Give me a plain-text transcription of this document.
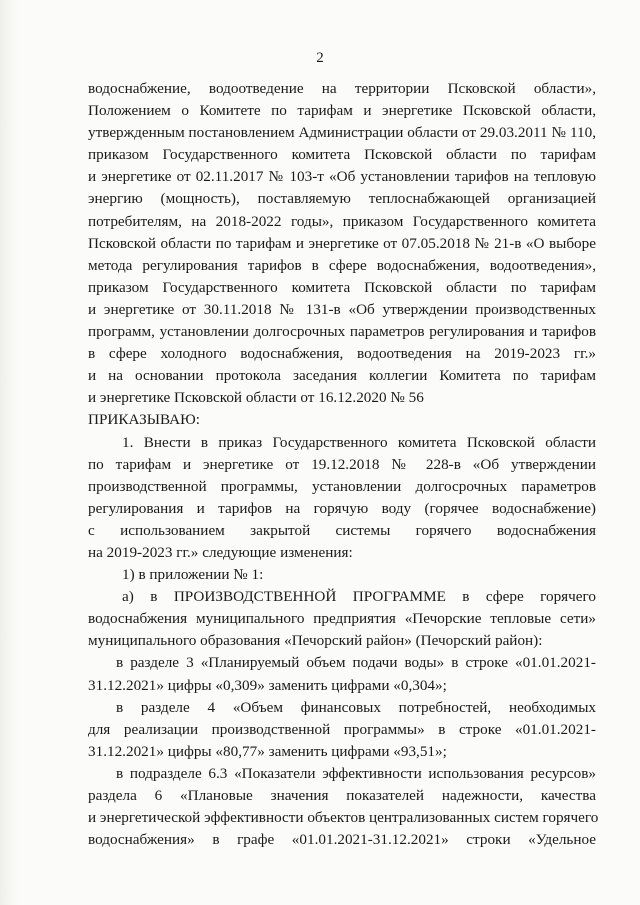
2
водоснабжение, водоотведение на территории Псковской области»,
Положением о Комитете по тарифам и энергетике Псковской области,
утвержденным постановлением Администрации области от 29.03.2011 № 110,
приказом Государственного комитета Псковской области по тарифам
и энергетике от 02.11.2017 № 103-т «Об установлении тарифов на тепловую
энергию (мощность), поставляемую теплоснабжающей организацией
потребителям, на 2018-2022 годы», приказом Государственного комитета
Псковской области по тарифам и энергетике от 07.05.2018 № 21-в «О выборе
метода регулирования тарифов в сфере водоснабжения, водоотведения»,
приказом Государственного комитета Псковской области по тарифам
и энергетике от 30.11.2018 № 131-в «Об утверждении производственных
программ, установлении долгосрочных параметров регулирования и тарифов
в сфере холодного водоснабжения, водоотведения на 2019-2023 гг.»
и на основании протокола заседания коллегии Комитета по тарифам
и энергетике Псковской области от 16.12.2020 № 56
ПРИКАЗЫВАЮ:
1. Внести в приказ Государственного комитета Псковской области
по тарифам и энергетике от 19.12.2018 № 228-в «Об утверждении
производственной программы, установлении долгосрочных параметров
регулирования и тарифов на горячую воду (горячее водоснабжение)
с использованием закрытой системы горячего водоснабжения
на 2019-2023 гг.» следующие изменения:
1) в приложении № 1:
а) в ПРОИЗВОДСТВЕННОЙ ПРОГРАММЕ в сфере горячего
водоснабжения муниципального предприятия «Печорские тепловые сети»
муниципального образования «Печорский район» (Печорский район):
в разделе 3 «Планируемый объем подачи воды» в строке «01.01.2021-
31.12.2021» цифры «0,309» заменить цифрами «0,304»;
в разделе 4 «Объем финансовых потребностей, необходимых
для реализации производственной программы» в строке «01.01.2021-
31.12.2021» цифры «80,77» заменить цифрами «93,51»;
в подразделе 6.3 «Показатели эффективности использования ресурсов»
раздела 6 «Плановые значения показателей надежности, качества
и энергетической эффективности объектов централизованных систем горячего
водоснабжения» в графе «01.01.2021-31.12.2021» строки «Удельное
